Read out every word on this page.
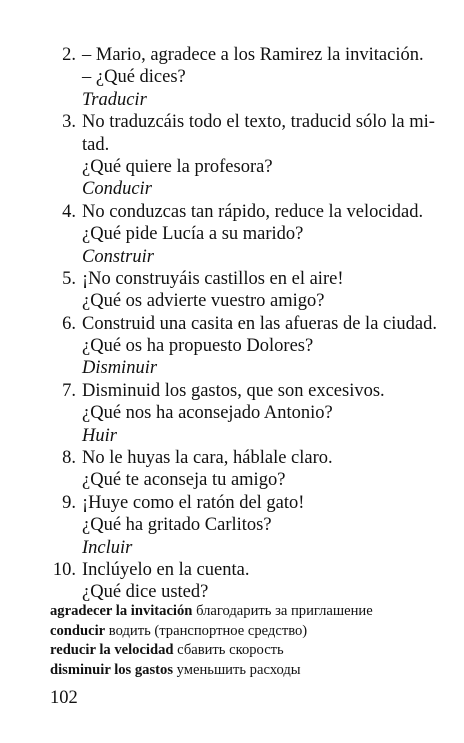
2. – Mario, agradece a los Ramirez la invitación.
– ¿Qué dices?
Traducir
3. No traduzcáis todo el texto, traducid sólo la mi-
tad.
¿Qué quiere la profesora?
Conducir
4. No conduzcas tan rápido, reduce la velocidad.
¿Qué pide Lucía a su marido?
Construir
5. ¡No construyáis castillos en el aire!
¿Qué os advierte vuestro amigo?
6. Construid una casita en las afueras de la ciudad.
¿Qué os ha propuesto Dolores?
Disminuir
7. Disminuid los gastos, que son excesivos.
¿Qué nos ha aconsejado Antonio?
Huir
8. No le huyas la cara, háblale claro.
¿Qué te aconseja tu amigo?
9. ¡Huye como el ratón del gato!
¿Qué ha gritado Carlitos?
Incluir
10. Inclúyelo en la cuenta.
¿Qué dice usted?
agradecer la invitación благодарить за приглашение
conducir водить (транспортное средство)
reducir la velocidad сбавить скорость
disminuir los gastos уменьшить расходы
102
